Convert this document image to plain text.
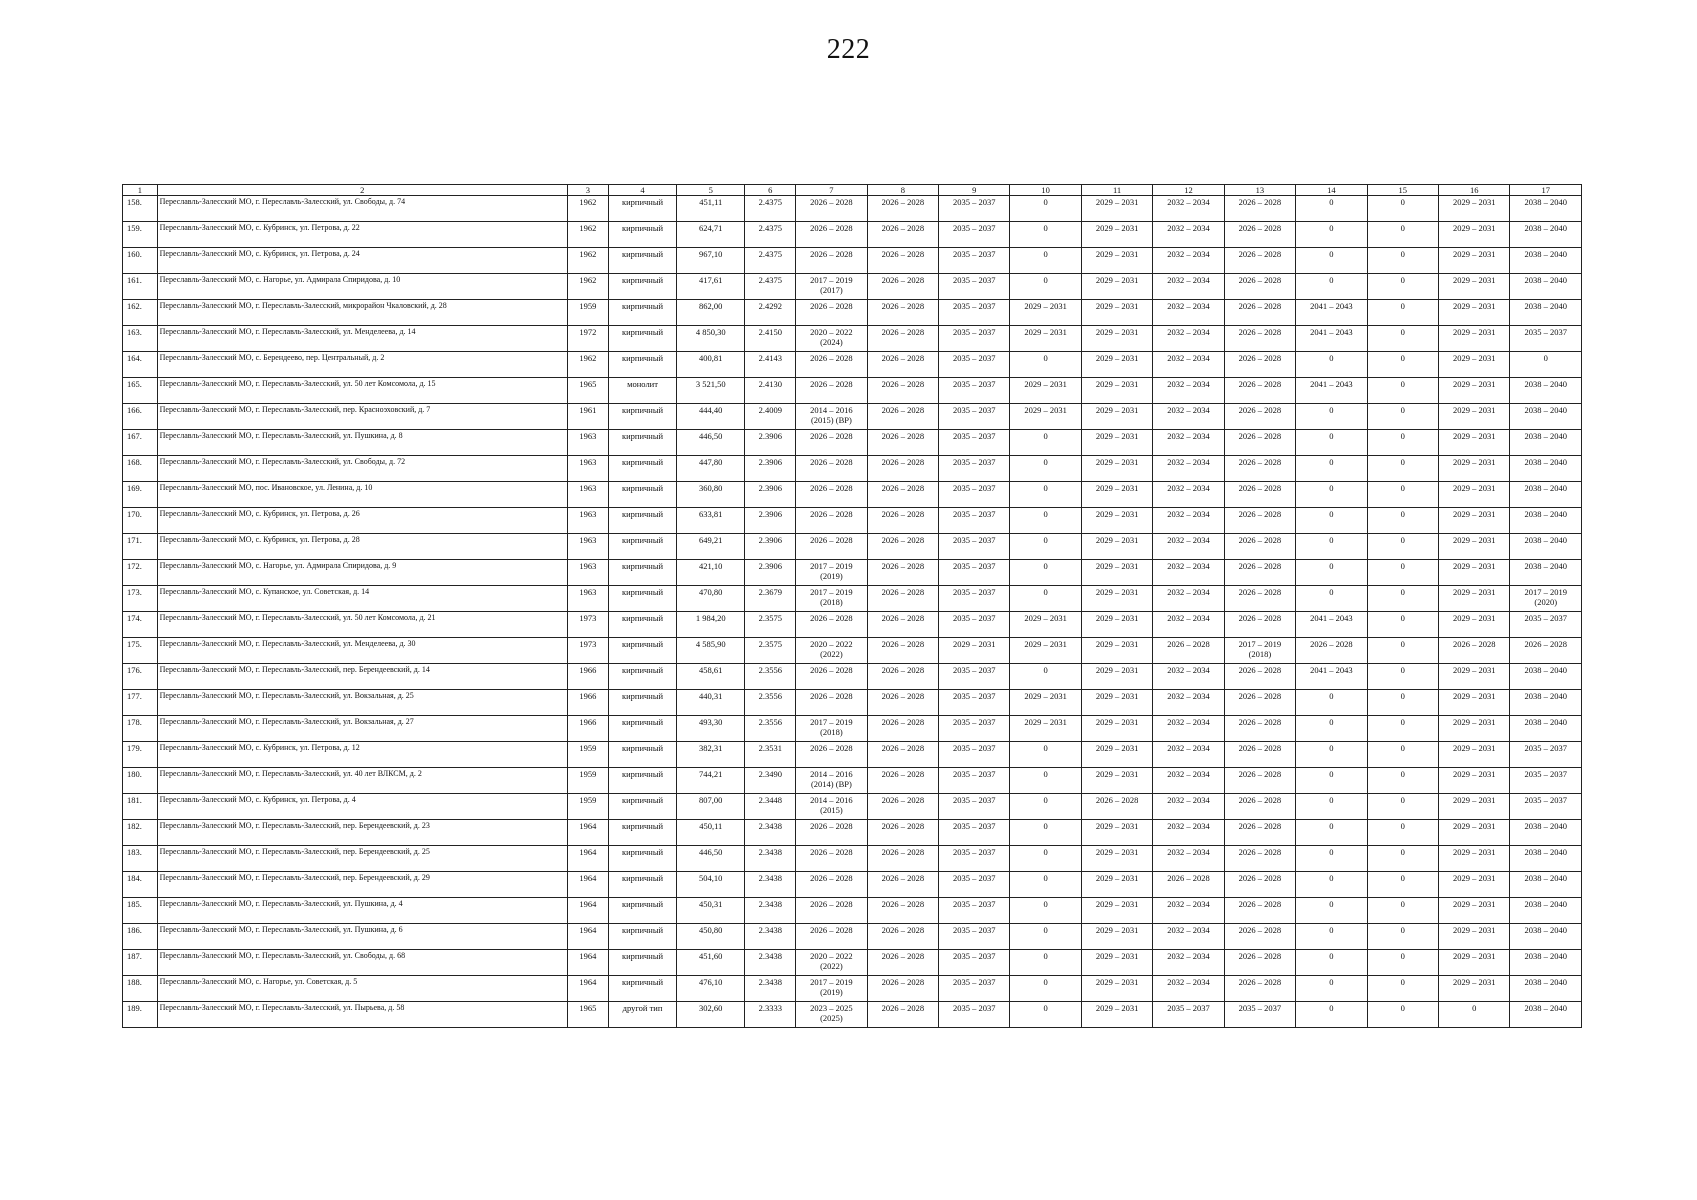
222
1	2	3	4	5	6	7	8	9	10	11	12	13	14	15	16	17
158.	Переславль-Залесский МО, г. Переславль-Залесский, ул. Свободы, д. 74	1962	кирпичный	451,11	2.4375	2026 – 2028	2026 – 2028	2035 – 2037	0	2029 – 2031	2032 – 2034	2026 – 2028	0	0	2029 – 2031	2038 – 2040
159.	Переславль-Залесский МО, с. Кубринск, ул. Петрова, д. 22	1962	кирпичный	624,71	2.4375	2026 – 2028	2026 – 2028	2035 – 2037	0	2029 – 2031	2032 – 2034	2026 – 2028	0	0	2029 – 2031	2038 – 2040
160.	Переславль-Залесский МО, с. Кубринск, ул. Петрова, д. 24	1962	кирпичный	967,10	2.4375	2026 – 2028	2026 – 2028	2035 – 2037	0	2029 – 2031	2032 – 2034	2026 – 2028	0	0	2029 – 2031	2038 – 2040
161.	Переславль-Залесский МО, с. Нагорье, ул. Адмирала Спиридова, д. 10	1962	кирпичный	417,61	2.4375	2017 – 2019 (2017)	2026 – 2028	2035 – 2037	0	2029 – 2031	2032 – 2034	2026 – 2028	0	0	2029 – 2031	2038 – 2040
162.	Переславль-Залесский МО, г. Переславль-Залесский, микрорайон Чкаловский, д. 28	1959	кирпичный	862,00	2.4292	2026 – 2028	2026 – 2028	2035 – 2037	2029 – 2031	2029 – 2031	2032 – 2034	2026 – 2028	2041 – 2043	0	2029 – 2031	2038 – 2040
163.	Переславль-Залесский МО, г. Переславль-Залесский, ул. Менделеева, д. 14	1972	кирпичный	4 850,30	2.4150	2020 – 2022 (2024)	2026 – 2028	2035 – 2037	2029 – 2031	2029 – 2031	2032 – 2034	2026 – 2028	2041 – 2043	0	2029 – 2031	2035 – 2037
164.	Переславль-Залесский МО, с. Берендеево, пер. Центральный, д. 2	1962	кирпичный	400,81	2.4143	2026 – 2028	2026 – 2028	2035 – 2037	0	2029 – 2031	2032 – 2034	2026 – 2028	0	0	2029 – 2031	0
165.	Переславль-Залесский МО, г. Переславль-Залесский, ул. 50 лет Комсомола, д. 15	1965	монолит	3 521,50	2.4130	2026 – 2028	2026 – 2028	2035 – 2037	2029 – 2031	2029 – 2031	2032 – 2034	2026 – 2028	2041 – 2043	0	2029 – 2031	2038 – 2040
166.	Переславль-Залесский МО, г. Переславль-Залесский, пер. Красноэховский, д. 7	1961	кирпичный	444,40	2.4009	2014 – 2016 (2015) (ВР)	2026 – 2028	2035 – 2037	2029 – 2031	2029 – 2031	2032 – 2034	2026 – 2028	0	0	2029 – 2031	2038 – 2040
167.	Переславль-Залесский МО, г. Переславль-Залесский, ул. Пушкина, д. 8	1963	кирпичный	446,50	2.3906	2026 – 2028	2026 – 2028	2035 – 2037	0	2029 – 2031	2032 – 2034	2026 – 2028	0	0	2029 – 2031	2038 – 2040
168.	Переславль-Залесский МО, г. Переславль-Залесский, ул. Свободы, д. 72	1963	кирпичный	447,80	2.3906	2026 – 2028	2026 – 2028	2035 – 2037	0	2029 – 2031	2032 – 2034	2026 – 2028	0	0	2029 – 2031	2038 – 2040
169.	Переславль-Залесский МО, пос. Ивановское, ул. Ленина, д. 10	1963	кирпичный	360,80	2.3906	2026 – 2028	2026 – 2028	2035 – 2037	0	2029 – 2031	2032 – 2034	2026 – 2028	0	0	2029 – 2031	2038 – 2040
170.	Переславль-Залесский МО, с. Кубринск, ул. Петрова, д. 26	1963	кирпичный	633,81	2.3906	2026 – 2028	2026 – 2028	2035 – 2037	0	2029 – 2031	2032 – 2034	2026 – 2028	0	0	2029 – 2031	2038 – 2040
171.	Переславль-Залесский МО, с. Кубринск, ул. Петрова, д. 28	1963	кирпичный	649,21	2.3906	2026 – 2028	2026 – 2028	2035 – 2037	0	2029 – 2031	2032 – 2034	2026 – 2028	0	0	2029 – 2031	2038 – 2040
172.	Переславль-Залесский МО, с. Нагорье, ул. Адмирала Спиридова, д. 9	1963	кирпичный	421,10	2.3906	2017 – 2019 (2019)	2026 – 2028	2035 – 2037	0	2029 – 2031	2032 – 2034	2026 – 2028	0	0	2029 – 2031	2038 – 2040
173.	Переславль-Залесский МО, с. Купанское, ул. Советская, д. 14	1963	кирпичный	470,80	2.3679	2017 – 2019 (2018)	2026 – 2028	2035 – 2037	0	2029 – 2031	2032 – 2034	2026 – 2028	0	0	2029 – 2031	2017 – 2019 (2020)
174.	Переславль-Залесский МО, г. Переславль-Залесский, ул. 50 лет Комсомола, д. 21	1973	кирпичный	1 984,20	2.3575	2026 – 2028	2026 – 2028	2035 – 2037	2029 – 2031	2029 – 2031	2032 – 2034	2026 – 2028	2041 – 2043	0	2029 – 2031	2035 – 2037
175.	Переславль-Залесский МО, г. Переславль-Залесский, ул. Менделеева, д. 30	1973	кирпичный	4 585,90	2.3575	2020 – 2022 (2022)	2026 – 2028	2029 – 2031	2029 – 2031	2029 – 2031	2026 – 2028	2017 – 2019 (2018)	2026 – 2028	0	2026 – 2028	2026 – 2028
176.	Переславль-Залесский МО, г. Переславль-Залесский, пер. Берендеевский, д. 14	1966	кирпичный	458,61	2.3556	2026 – 2028	2026 – 2028	2035 – 2037	0	2029 – 2031	2032 – 2034	2026 – 2028	2041 – 2043	0	2029 – 2031	2038 – 2040
177.	Переславль-Залесский МО, г. Переславль-Залесский, ул. Вокзальная, д. 25	1966	кирпичный	440,31	2.3556	2026 – 2028	2026 – 2028	2035 – 2037	2029 – 2031	2029 – 2031	2032 – 2034	2026 – 2028	0	0	2029 – 2031	2038 – 2040
178.	Переславль-Залесский МО, г. Переславль-Залесский, ул. Вокзальная, д. 27	1966	кирпичный	493,30	2.3556	2017 – 2019 (2018)	2026 – 2028	2035 – 2037	2029 – 2031	2029 – 2031	2032 – 2034	2026 – 2028	0	0	2029 – 2031	2038 – 2040
179.	Переславль-Залесский МО, с. Кубринск, ул. Петрова, д. 12	1959	кирпичный	382,31	2.3531	2026 – 2028	2026 – 2028	2035 – 2037	0	2029 – 2031	2032 – 2034	2026 – 2028	0	0	2029 – 2031	2035 – 2037
180.	Переславль-Залесский МО, г. Переславль-Залесский, ул. 40 лет ВЛКСМ, д. 2	1959	кирпичный	744,21	2.3490	2014 – 2016 (2014) (ВР)	2026 – 2028	2035 – 2037	0	2029 – 2031	2032 – 2034	2026 – 2028	0	0	2029 – 2031	2035 – 2037
181.	Переславль-Залесский МО, с. Кубринск, ул. Петрова, д. 4	1959	кирпичный	807,00	2.3448	2014 – 2016 (2015)	2026 – 2028	2035 – 2037	0	2026 – 2028	2032 – 2034	2026 – 2028	0	0	2029 – 2031	2035 – 2037
182.	Переславль-Залесский МО, г. Переславль-Залесский, пер. Берендеевский, д. 23	1964	кирпичный	450,11	2.3438	2026 – 2028	2026 – 2028	2035 – 2037	0	2029 – 2031	2032 – 2034	2026 – 2028	0	0	2029 – 2031	2038 – 2040
183.	Переславль-Залесский МО, г. Переславль-Залесский, пер. Берендеевский, д. 25	1964	кирпичный	446,50	2.3438	2026 – 2028	2026 – 2028	2035 – 2037	0	2029 – 2031	2032 – 2034	2026 – 2028	0	0	2029 – 2031	2038 – 2040
184.	Переславль-Залесский МО, г. Переславль-Залесский, пер. Берендеевский, д. 29	1964	кирпичный	504,10	2.3438	2026 – 2028	2026 – 2028	2035 – 2037	0	2029 – 2031	2026 – 2028	2026 – 2028	0	0	2029 – 2031	2038 – 2040
185.	Переславль-Залесский МО, г. Переславль-Залесский, ул. Пушкина, д. 4	1964	кирпичный	450,31	2.3438	2026 – 2028	2026 – 2028	2035 – 2037	0	2029 – 2031	2032 – 2034	2026 – 2028	0	0	2029 – 2031	2038 – 2040
186.	Переславль-Залесский МО, г. Переславль-Залесский, ул. Пушкина, д. 6	1964	кирпичный	450,80	2.3438	2026 – 2028	2026 – 2028	2035 – 2037	0	2029 – 2031	2032 – 2034	2026 – 2028	0	0	2029 – 2031	2038 – 2040
187.	Переславль-Залесский МО, г. Переславль-Залесский, ул. Свободы, д. 68	1964	кирпичный	451,60	2.3438	2020 – 2022 (2022)	2026 – 2028	2035 – 2037	0	2029 – 2031	2032 – 2034	2026 – 2028	0	0	2029 – 2031	2038 – 2040
188.	Переславль-Залесский МО, с. Нагорье, ул. Советская, д. 5	1964	кирпичный	476,10	2.3438	2017 – 2019 (2019)	2026 – 2028	2035 – 2037	0	2029 – 2031	2032 – 2034	2026 – 2028	0	0	2029 – 2031	2038 – 2040
189.	Переславль-Залесский МО, г. Переславль-Залесский, ул. Пырьева, д. 58	1965	другой тип	302,60	2.3333	2023 – 2025 (2025)	2026 – 2028	2035 – 2037	0	2029 – 2031	2035 – 2037	2035 – 2037	0	0	0	2038 – 2040
